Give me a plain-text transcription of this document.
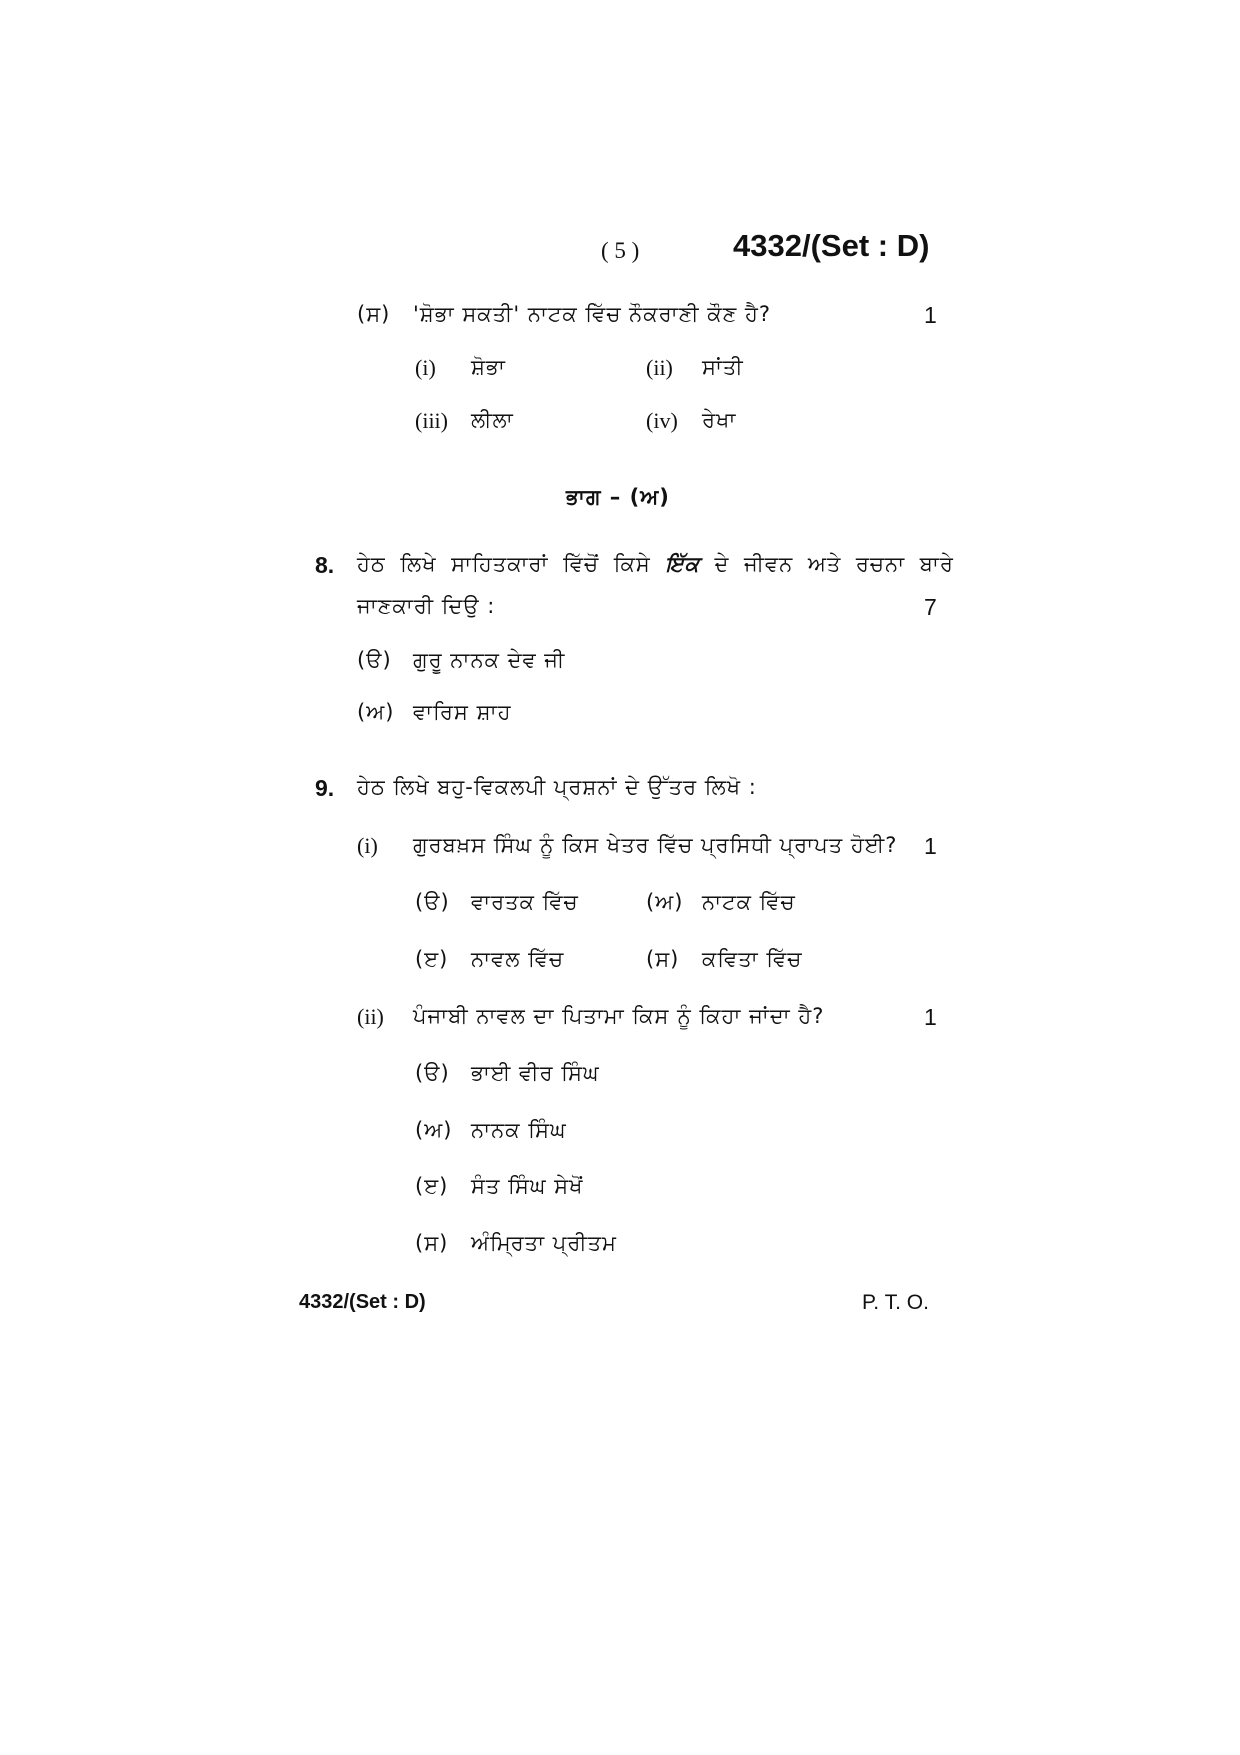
( 5 )	4332/(Set : D)
(ਸ) 'ਸ਼ੋਭਾ ਸਕਤੀ' ਨਾਟਕ ਵਿੱਚ ਨੌਕਰਾਣੀ ਕੌਣ ਹੈ?	1
(i) ਸ਼ੋਭਾ	(ii) ਸਾਂਤੀ
(iii) ਲੀਲਾ	(iv) ਰੇਖਾ
ਭਾਗ – (ਅ)
8. ਹੇਠ ਲਿਖੇ ਸਾਹਿਤਕਾਰਾਂ ਵਿੱਚੋਂ ਕਿਸੇ ਇੱਕ ਦੇ ਜੀਵਨ ਅਤੇ ਰਚਨਾ ਬਾਰੇ
ਜਾਣਕਾਰੀ ਦਿਉ :	7
(ੳ) ਗੁਰੂ ਨਾਨਕ ਦੇਵ ਜੀ
(ਅ) ਵਾਰਿਸ ਸ਼ਾਹ
9. ਹੇਠ ਲਿਖੇ ਬਹੁ-ਵਿਕਲਪੀ ਪ੍ਰਸ਼ਨਾਂ ਦੇ ਉੱਤਰ ਲਿਖੋ :
(i) ਗੁਰਬਖ਼ਸ ਸਿੰਘ ਨੂੰ ਕਿਸ ਖੇਤਰ ਵਿੱਚ ਪ੍ਰਸਿਧੀ ਪ੍ਰਾਪਤ ਹੋਈ? 1
(ੳ) ਵਾਰਤਕ ਵਿੱਚ	(ਅ) ਨਾਟਕ ਵਿੱਚ
(ੲ) ਨਾਵਲ ਵਿੱਚ	(ਸ) ਕਵਿਤਾ ਵਿੱਚ
(ii) ਪੰਜਾਬੀ ਨਾਵਲ ਦਾ ਪਿਤਾਮਾ ਕਿਸ ਨੂੰ ਕਿਹਾ ਜਾਂਦਾ ਹੈ?	1
(ੳ) ਭਾਈ ਵੀਰ ਸਿੰਘ
(ਅ) ਨਾਨਕ ਸਿੰਘ
(ੲ) ਸੰਤ ਸਿੰਘ ਸੇਖੋਂ
(ਸ) ਅੰਮ੍ਰਿਤਾ ਪ੍ਰੀਤਮ
4332/(Set : D)	P. T. O.
